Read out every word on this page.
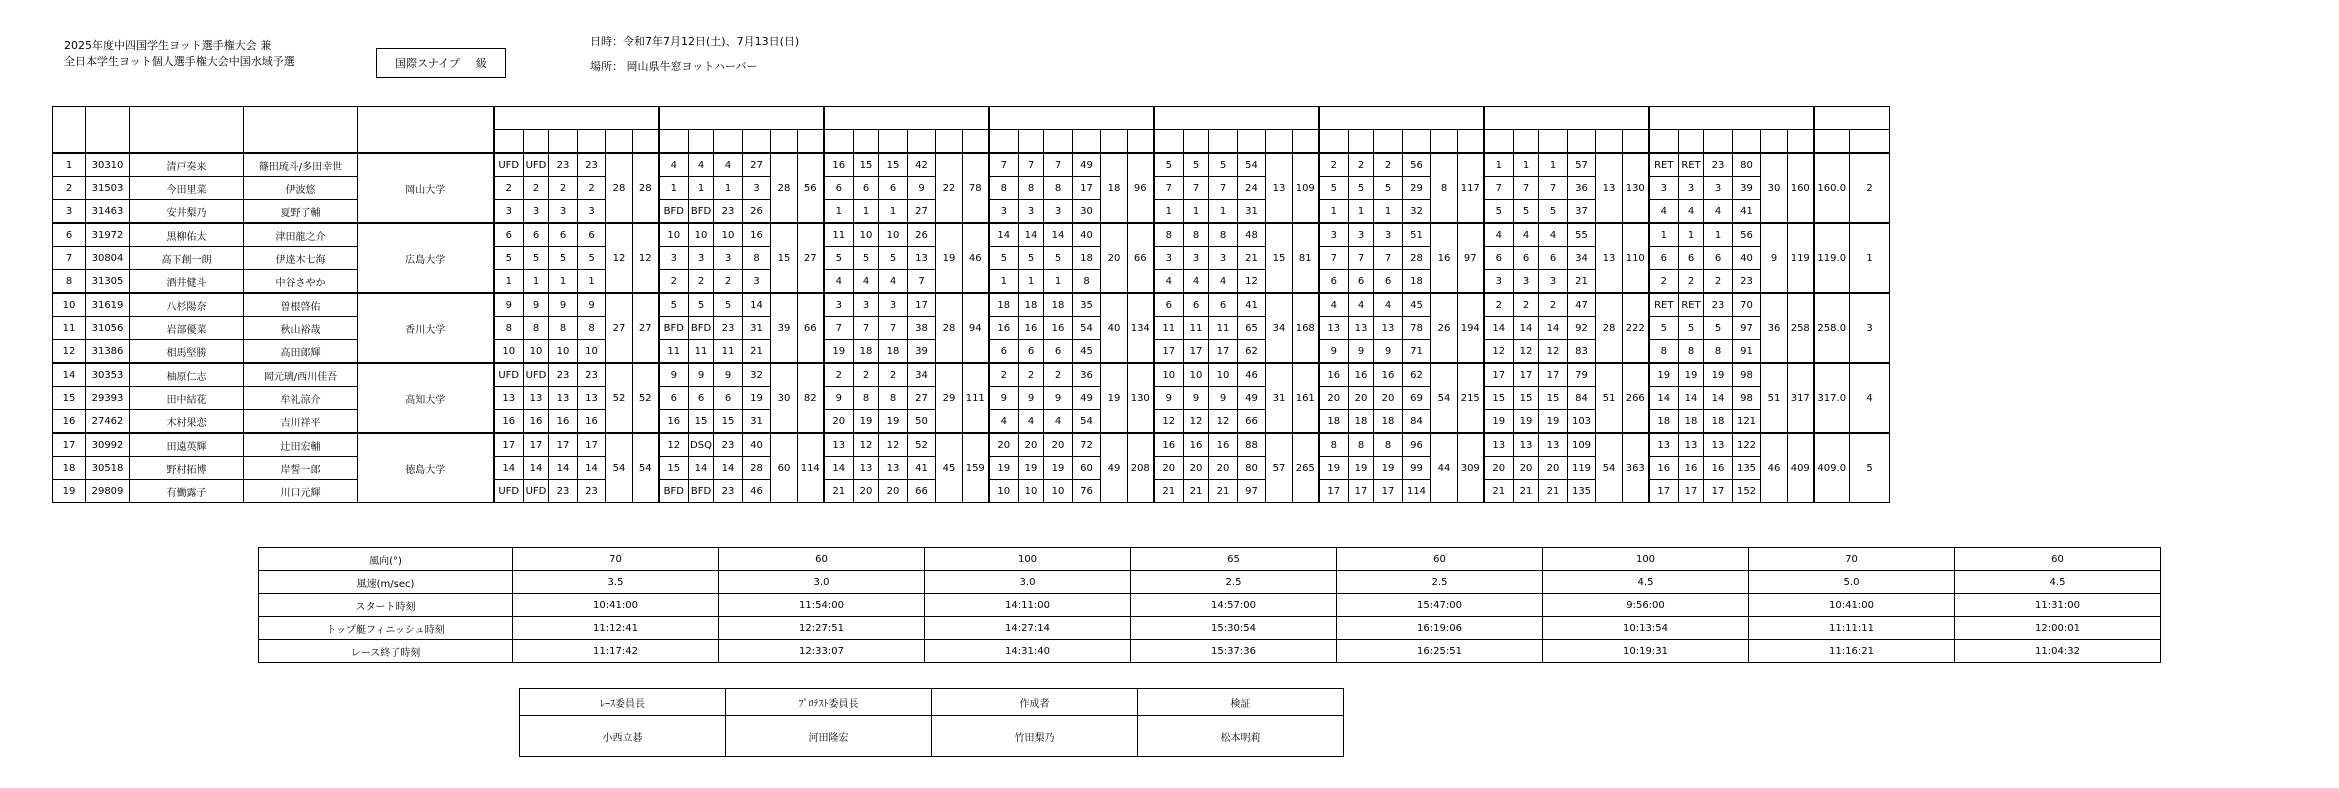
2025年度中四国学生ヨット選手権大会 兼
全日本学生ヨット個人選手権大会中国水域予選	国際スナイプ 級
日時：令和7年7月12日(土)、7月13日(日)
場所： 岡山県牛窓ヨットハーバー

1	30310	清戸奏来	篠田琉斗/多田幸世	岡山大学	UFD	UFD	23	23	28	28	4	4	4	27	28	56	16	15	15	42	22	78	7	7	7	49	18	96	5	5	5	54	13	109	2	2	2	56	8	117	1	1	1	57	13	130	RET	RET	23	80	30	160	160.0	2
2	31503	今田里菜	伊波悠		2	2	2	2			1	1	1	3			6	6	6	9			8	8	8	17			7	7	7	24			5	5	5	29			7	7	7	36			3	3	3	39				
3	31463	安井梨乃	夏野了輔		3	3	3	3			BFD	BFD	23	26			1	1	1	27			3	3	3	30			1	1	1	31			1	1	1	32			5	5	5	37			4	4	4	41				
6	31972	黒柳佑太	津田龍之介	広島大学	6	6	6	6	12	12	10	10	10	16	15	27	11	10	10	26	19	46	14	14	14	40	20	66	8	8	8	48	15	81	3	3	3	51	16	97	4	4	4	55	13	110	1	1	1	56	9	119	119.0	1
7	30804	高下創一朗	伊達木七海		5	5	5	5			3	3	3	8			5	5	5	13			5	5	5	18			3	3	3	21			7	7	7	28			6	6	6	34			6	6	6	40				
8	31305	酒井健斗	中谷さやか		1	1	1	1			2	2	2	3			4	4	4	7			1	1	1	8			4	4	4	12			6	6	6	18			3	3	3	21			2	2	2	23				
10	31619	八杉陽奈	曽根啓佑	香川大学	9	9	9	9	27	27	5	5	5	14	39	66	3	3	3	17	28	94	18	18	18	35	40	134	6	6	6	41	34	168	4	4	4	45	26	194	2	2	2	47	28	222	RET	RET	23	70	36	258	258.0	3
11	31056	岩部優菜	秋山裕哉		8	8	8	8			BFD	BFD	23	31			7	7	7	38			16	16	16	54			11	11	11	65			13	13	13	78			14	14	14	92			5	5	5	97				
12	31386	相馬堅勝	高田郎輝		10	10	10	10			11	11	11	21			19	18	18	39			6	6	6	45			17	17	17	62			9	9	9	71			12	12	12	83			8	8	8	91				
14	30353	柚原仁志	岡元璃/西川佳吾	高知大学	UFD	UFD	23	23	52	52	9	9	9	32	30	82	2	2	2	34	29	111	2	2	2	36	19	130	10	10	10	46	31	161	16	16	16	62	54	215	17	17	17	79	51	266	19	19	19	98	51	317	317.0	4
15	29393	田中結花	牟礼涼介		13	13	13	13			6	6	6	19			9	8	8	27			9	9	9	49			9	9	9	49			20	20	20	69			15	15	15	84			14	14	14	98				
16	27462	木村果恋	吉川祥平		16	16	16	16			16	15	15	31			20	19	19	50			4	4	4	54			12	12	12	66			18	18	18	84			19	19	19	103			18	18	18	121				
17	30992	田遠英輝	辻田宏輔	徳島大学	17	17	17	17	54	54	12	DSQ	23	40	60	114	13	12	12	52	45	159	20	20	20	72	49	208	16	16	16	88	57	265	8	8	8	96	44	309	13	13	13	109	54	363	13	13	13	122	46	409	409.0	5
18	30518	野村拓博	岸誓一郎		14	14	14	14			15	14	14	28			14	13	13	41			19	19	19	60			20	20	20	80			19	19	19	99			20	20	20	119			16	16	16	135				
19	29809	有働露子	川口元輝		UFD	UFD	23	23			BFD	BFD	23	46			21	20	20	66			10	10	10	76			21	21	21	97			17	17	17	114			21	21	21	135			17	17	17	152				
風向(°)	70	60	100	65	60	100	70	60
風速(m/sec)	3.5	3.0	3.0	2.5	2.5	4.5	5.0	4.5
スタート時刻	10:41:00	11:54:00	14:11:00	14:57:00	15:47:00	9:56:00	10:41:00	11:31:00
トップ艇フィニッシュ時刻	11:12:41	12:27:51	14:27:14	15:30:54	16:19:06	10:13:54	11:11:11	12:00:01
レース終了時刻	11:17:42	12:33:07	14:31:40	15:37:36	16:25:51	10:19:31	11:16:21	11:04:32
ﾚｰｽ委員長	ﾌﾟﾛﾃｽﾄ委員長	作成者	検証
小西立碁	河田隆宏	竹田梨乃	松本明莉
